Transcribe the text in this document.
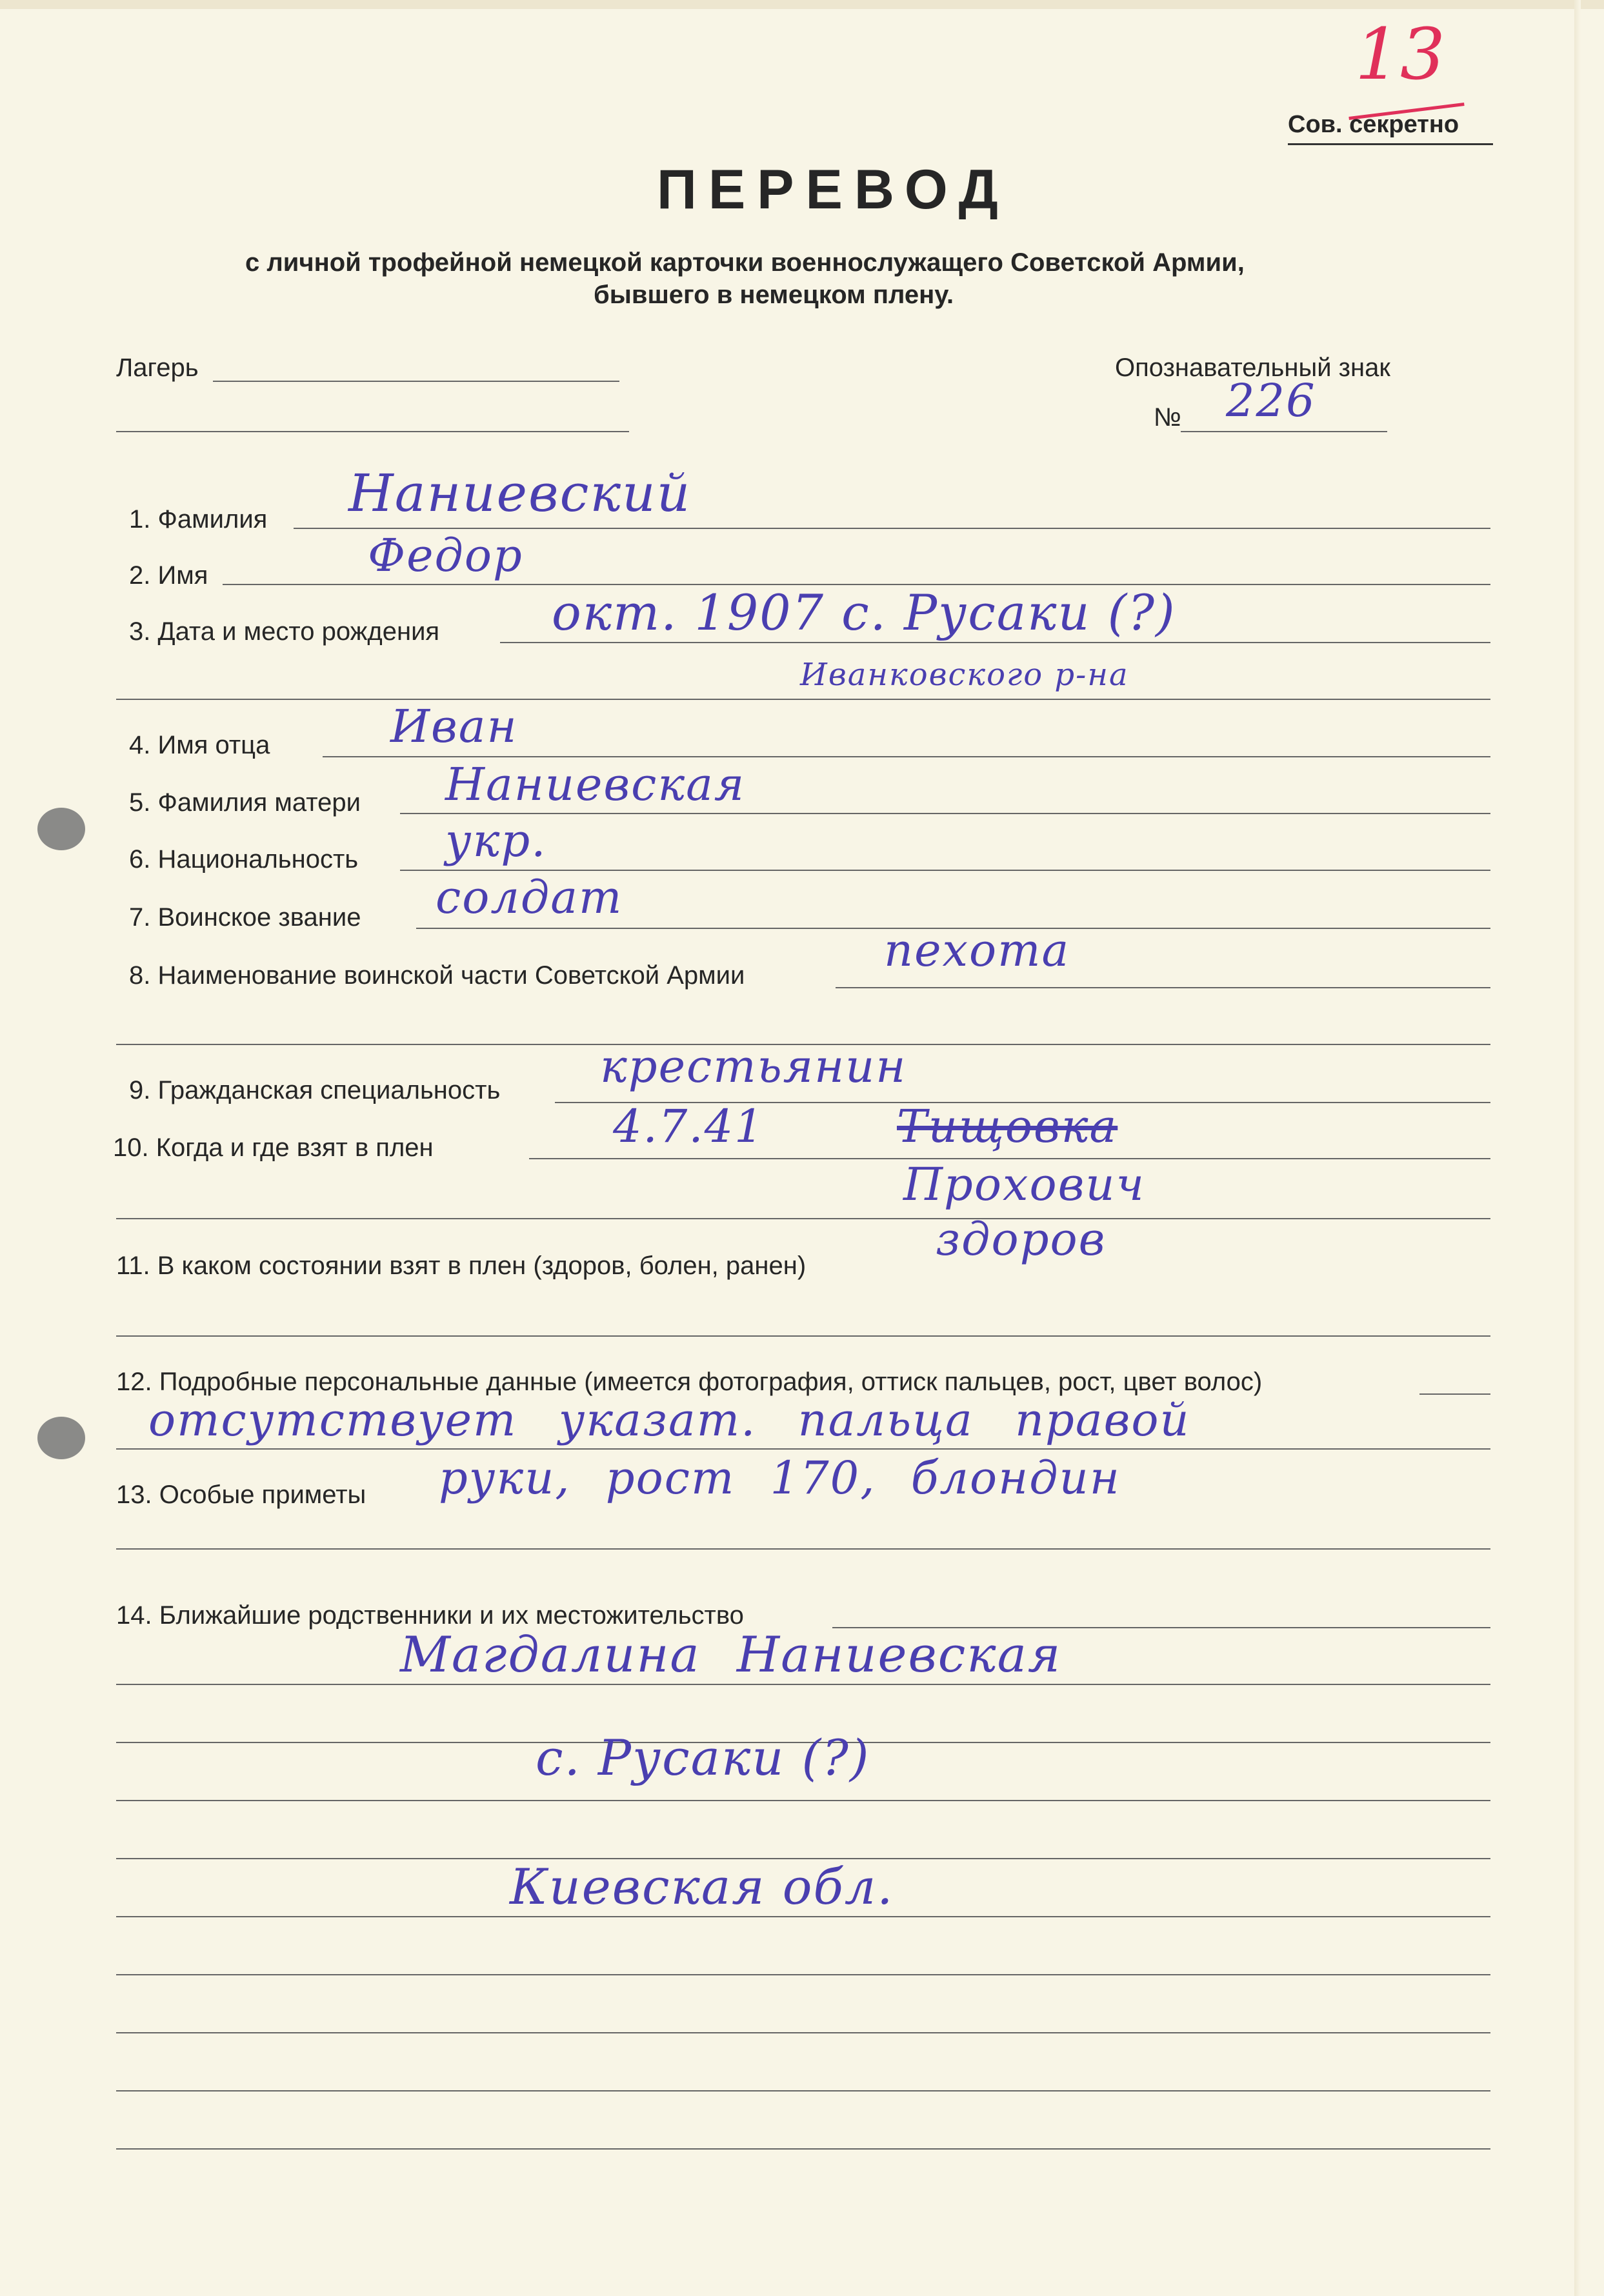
13
Сов. секретно
ПЕРЕВОД
с личной трофейной немецкой карточки военнослужащего Советской Армии,
бывшего в немецком плену.
Лагерь	Опознавательный знак
№ 226
1. Фамилия Наниевский
2. Имя	Федор
3. Дата и место рождения окт. 1907 с. Русаки (?)
Иванковского р-на
4. Имя отца	Иван
5. Фамилия матери Наниевская
6. Национальность укр.
7. Воинское звание солдат
8. Наименование воинской части Советской Армии	пехота
9. Гражданская специальность крестьянин
10. Когда и где взят в плен	4.7.41	Тищовка
Прохович
11. В каком состоянии взят в плен (здоров, болен, ранен)	здоров
12. Подробные персональные данные (имеется фотография, оттиск пальцев, рост, цвет волос)
отсутствует указат. пальца правой
13. Особые приметы руки, рост 170, блондин
14. Ближайшие родственники и их местожительство
Магдалина Наниевская
с. Русаки (?)
Киевская обл.
